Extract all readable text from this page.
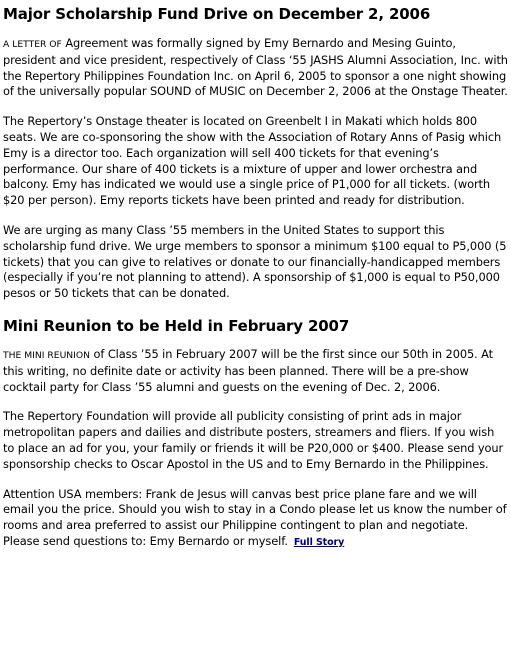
Major Scholarship Fund Drive on December 2, 2006

A LETTER OF Agreement was formally signed by Emy Bernardo and Mesing Guinto, president and vice president, respectively of Class ‘55 JASHS Alumni Association, Inc. with the Repertory Philippines Foundation Inc. on April 6, 2005 to sponsor a one night showing of the universally popular SOUND of MUSIC on December 2, 2006 at the Onstage Theater.

The Repertory’s Onstage theater is located on Greenbelt I in Makati which holds 800 seats. We are co-sponsoring the show with the Association of Rotary Anns of Pasig which Emy is a director too. Each organization will sell 400 tickets for that evening’s performance. Our share of 400 tickets is a mixture of upper and lower orchestra and balcony. Emy has indicated we would use a single price of P1,000 for all tickets. (worth $20 per person). Emy reports tickets have been printed and ready for distribution.

We are urging as many Class ’55 members in the United States to support this scholarship fund drive. We urge members to sponsor a minimum $100 equal to P5,000 (5 tickets) that you can give to relatives or donate to our financially-handicapped members (especially if you’re not planning to attend). A sponsorship of $1,000 is equal to P50,000 pesos or 50 tickets that can be donated.

Mini Reunion to be Held in February 2007

THE MINI REUNION of Class ’55 in February 2007 will be the first since our 50th in 2005. At this writing, no definite date or activity has been planned. There will be a pre-show cocktail party for Class ’55 alumni and guests on the evening of Dec. 2, 2006.

The Repertory Foundation will provide all publicity consisting of print ads in major metropolitan papers and dailies and distribute posters, streamers and fliers. If you wish to place an ad for you, your family or friends it will be P20,000 or $400. Please send your sponsorship checks to Oscar Apostol in the US and to Emy Bernardo in the Philippines.

Attention USA members: Frank de Jesus will canvas best price plane fare and we will email you the price. Should you wish to stay in a Condo please let us know the number of rooms and area preferred to assist our Philippine contingent to plan and negotiate. Please send questions to: Emy Bernardo or myself. Full Story
